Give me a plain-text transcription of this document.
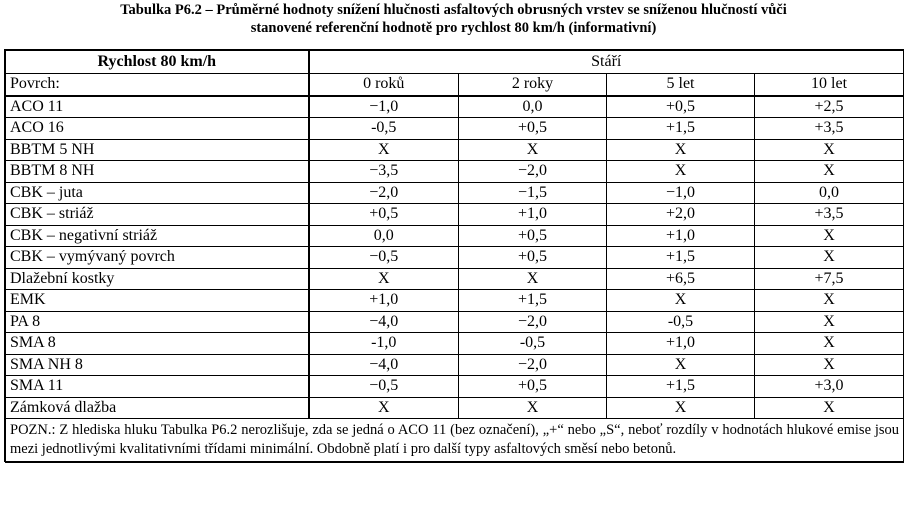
Tabulka P6.2 – Průměrné hodnoty snížení hlučnosti asfaltových obrusných vrstev se sníženou hlučností vůči
stanovené referenční hodnotě pro rychlost 80 km/h (informativní)
Rychlost 80 km/h	Stáří			
Povrch:	0 roků	2 roky	5 let	10 let
ACO 11	−1,0	0,0	+0,5	+2,5
ACO 16	-0,5	+0,5	+1,5	+3,5
BBTM 5 NH	X	X	X	X
BBTM 8 NH	−3,5	−2,0	X	X
CBK – juta	−2,0	−1,5	−1,0	0,0
CBK – striáž	+0,5	+1,0	+2,0	+3,5
CBK – negativní striáž	0,0	+0,5	+1,0	X
CBK – vymývaný povrch	−0,5	+0,5	+1,5	X
Dlažební kostky	X	X	+6,5	+7,5
EMK	+1,0	+1,5	X	X
PA 8	−4,0	−2,0	-0,5	X
SMA 8	-1,0	-0,5	+1,0	X
SMA NH 8	−4,0	−2,0	X	X
SMA 11	−0,5	+0,5	+1,5	+3,0
Zámková dlažba	X	X	X	X
POZN.: Z hlediska hluku Tabulka P6.2 nerozlišuje, zda se jedná o ACO 11 (bez označení), „+“ nebo „S“, neboť rozdíly v hodnotách hlukové emise jsou mezi jednotlivými kvalitativními třídami minimální. Obdobně platí i pro další typy asfaltových směsí nebo betonů.				
